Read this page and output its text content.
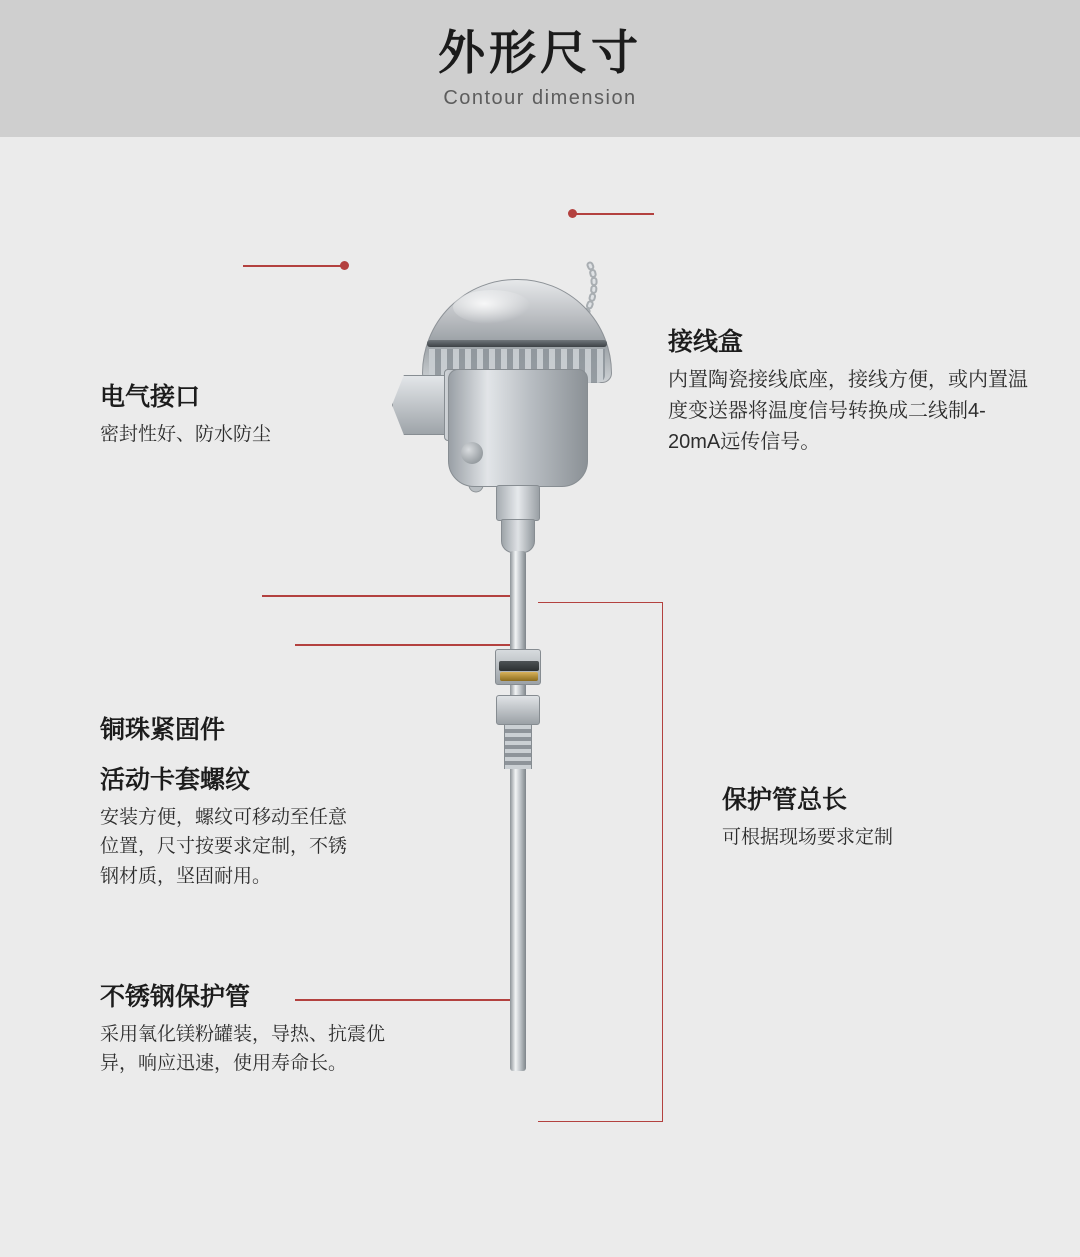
外形尺寸
Contour dimension
电气接口
密封性好、防水防尘
接线盒
内置陶瓷接线底座，接线方便，或内置温度变送器将温度信号转换成二线制4-20mA远传信号。
铜珠紧固件
活动卡套螺纹
安装方便，螺纹可移动至任意位置，尺寸按要求定制，不锈钢材质，坚固耐用。
不锈钢保护管
采用氧化镁粉罐装，导热、抗震优异，响应迅速，使用寿命长。
保护管总长
可根据现场要求定制
